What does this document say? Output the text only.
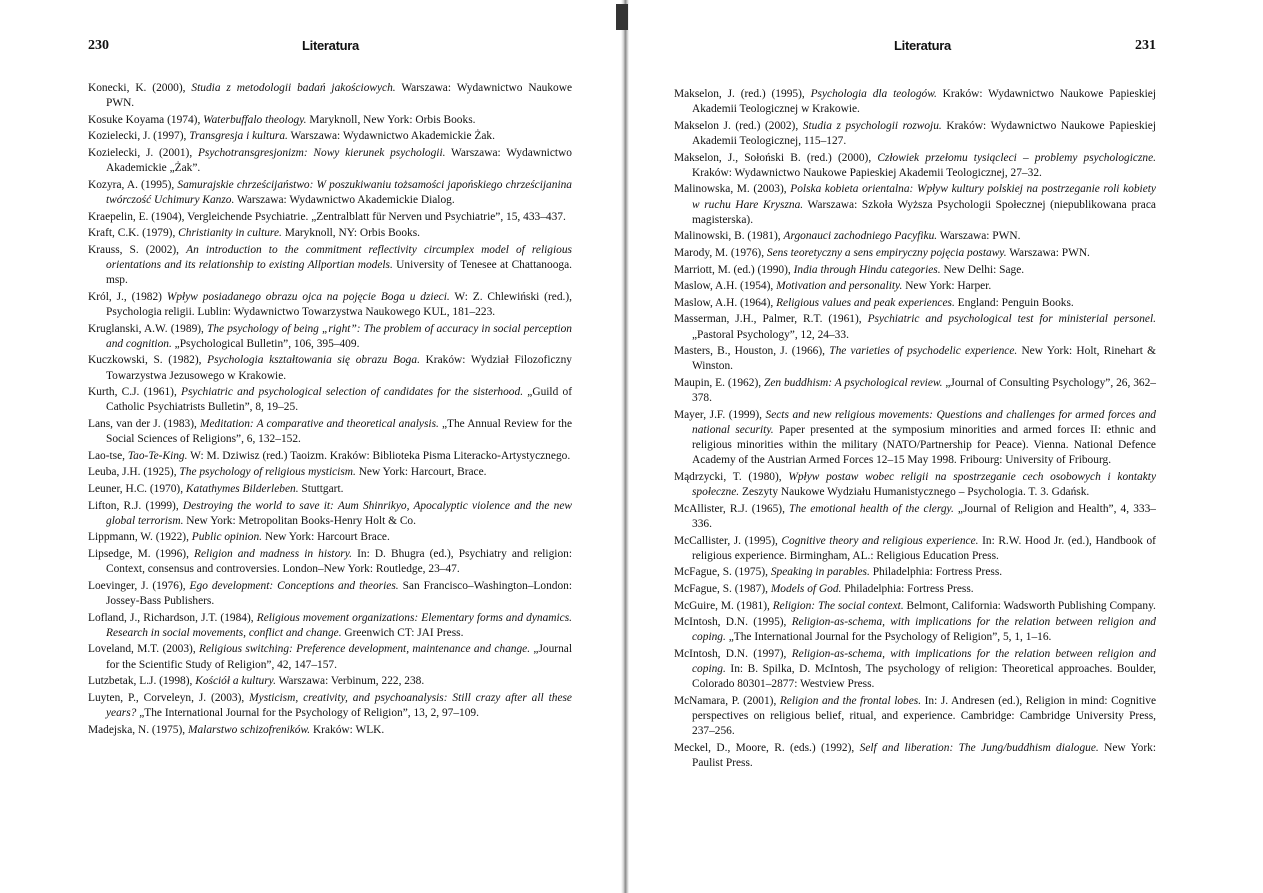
230	Literatura

Konecki, K. (2000), Studia z metodologii badań jakościowych. Warszawa: Wydawnictwo Naukowe PWN.

Kosuke Koyama (1974), Waterbuffalo theology. Maryknoll, New York: Orbis Books.

Kozielecki, J. (1997), Transgresja i kultura. Warszawa: Wydawnictwo Akademickie Żak.

Kozielecki, J. (2001), Psychotransgresjonizm: Nowy kierunek psychologii. Warszawa: Wydawnictwo Akademickie „Żak”.

Kozyra, A. (1995), Samurajskie chrześcijaństwo: W poszukiwaniu tożsamości japońskiego chrześcijanina twórczość Uchimury Kanzo. Warszawa: Wydawnictwo Akademickie Dialog.

Kraepelin, E. (1904), Vergleichende Psychiatrie. „Zentralblatt für Nerven und Psychiatrie”, 15, 433–437.

Kraft, C.K. (1979), Christianity in culture. Maryknoll, NY: Orbis Books.

Krauss, S. (2002), An introduction to the commitment reflectivity circumplex model of religious orientations and its relationship to existing Allportian models. University of Tenesee at Chattanooga. msp.

Król, J., (1982) Wpływ posiadanego obrazu ojca na pojęcie Boga u dzieci. W: Z. Chlewiński (red.), Psychologia religii. Lublin: Wydawnictwo Towarzystwa Naukowego KUL, 181–223.

Kruglanski, A.W. (1989), The psychology of being „right”: The problem of accuracy in social perception and cognition. „Psychological Bulletin”, 106, 395–409.

Kuczkowski, S. (1982), Psychologia kształtowania się obrazu Boga. Kraków: Wydział Filozoficzny Towarzystwa Jezusowego w Krakowie.

Kurth, C.J. (1961), Psychiatric and psychological selection of candidates for the sisterhood. „Guild of Catholic Psychiatrists Bulletin”, 8, 19–25.

Lans, van der J. (1983), Meditation: A comparative and theoretical analysis. „The Annual Review for the Social Sciences of Religions”, 6, 132–152.

Lao-tse, Tao-Te-King. W: M. Dziwisz (red.) Taoizm. Kraków: Biblioteka Pisma Literacko-Artystycznego.

Leuba, J.H. (1925), The psychology of religious mysticism. New York: Harcourt, Brace.

Leuner, H.C. (1970), Katathymes Bilderleben. Stuttgart.

Lifton, R.J. (1999), Destroying the world to save it: Aum Shinrikyo, Apocalyptic violence and the new global terrorism. New York: Metropolitan Books-Henry Holt & Co.

Lippmann, W. (1922), Public opinion. New York: Harcourt Brace.

Lipsedge, M. (1996), Religion and madness in history. In: D. Bhugra (ed.), Psychiatry and religion: Context, consensus and controversies. London–New York: Routledge, 23–47.

Loevinger, J. (1976), Ego development: Conceptions and theories. San Francisco–Washington–London: Jossey-Bass Publishers.

Lofland, J., Richardson, J.T. (1984), Religious movement organizations: Elementary forms and dynamics. Research in social movements, conflict and change. Greenwich CT: JAI Press.

Loveland, M.T. (2003), Religious switching: Preference development, maintenance and change. „Journal for the Scientific Study of Religion”, 42, 147–157.

Lutzbetak, L.J. (1998), Kościół a kultury. Warszawa: Verbinum, 222, 238.

Luyten, P., Corveleyn, J. (2003), Mysticism, creativity, and psychoanalysis: Still crazy after all these years? „The International Journal for the Psychology of Religion”, 13, 2, 97–109.

Madejska, N. (1975), Malarstwo schizofreników. Kraków: WLK.

Literatura	231

Makselon, J. (red.) (1995), Psychologia dla teologów. Kraków: Wydawnictwo Naukowe Papieskiej Akademii Teologicznej w Krakowie.

Makselon J. (red.) (2002), Studia z psychologii rozwoju. Kraków: Wydawnictwo Naukowe Papieskiej Akademii Teologicznej, 115–127.

Makselon, J., Sołoński B. (red.) (2000), Człowiek przełomu tysiącleci – problemy psychologiczne. Kraków: Wydawnictwo Naukowe Papieskiej Akademii Teologicznej, 27–32.

Malinowska, M. (2003), Polska kobieta orientalna: Wpływ kultury polskiej na postrzeganie roli kobiety w ruchu Hare Kryszna. Warszawa: Szkoła Wyższa Psychologii Społecznej (niepublikowana praca magisterska).

Malinowski, B. (1981), Argonauci zachodniego Pacyfiku. Warszawa: PWN.

Marody, M. (1976), Sens teoretyczny a sens empiryczny pojęcia postawy. Warszawa: PWN.

Marriott, M. (ed.) (1990), India through Hindu categories. New Delhi: Sage.

Maslow, A.H. (1954), Motivation and personality. New York: Harper.

Maslow, A.H. (1964), Religious values and peak experiences. England: Penguin Books.

Masserman, J.H., Palmer, R.T. (1961), Psychiatric and psychological test for ministerial personel. „Pastoral Psychology”, 12, 24–33.

Masters, B., Houston, J. (1966), The varieties of psychodelic experience. New York: Holt, Rinehart & Winston.

Maupin, E. (1962), Zen buddhism: A psychological review. „Journal of Consulting Psychology”, 26, 362–378.

Mayer, J.F. (1999), Sects and new religious movements: Questions and challenges for armed forces and national security. Paper presented at the symposium minorities and armed forces II: ethnic and religious minorities within the military (NATO/Partnership for Peace). Vienna. National Defence Academy of the Austrian Armed Forces 12–15 May 1998. Fribourg: University of Fribourg.

Mądrzycki, T. (1980), Wpływ postaw wobec religii na spostrzeganie cech osobowych i kontakty społeczne. Zeszyty Naukowe Wydziału Humanistycznego – Psychologia. T. 3. Gdańsk.

McAllister, R.J. (1965), The emotional health of the clergy. „Journal of Religion and Health”, 4, 333–336.

McCallister, J. (1995), Cognitive theory and religious experience. In: R.W. Hood Jr. (ed.), Handbook of religious experience. Birmingham, AL.: Religious Education Press.

McFague, S. (1975), Speaking in parables. Philadelphia: Fortress Press.

McFague, S. (1987), Models of God. Philadelphia: Fortress Press.

McGuire, M. (1981), Religion: The social context. Belmont, California: Wadsworth Publishing Company.

McIntosh, D.N. (1995), Religion-as-schema, with implications for the relation between religion and coping. „The International Journal for the Psychology of Religion”, 5, 1, 1–16.

McIntosh, D.N. (1997), Religion-as-schema, with implications for the relation between religion and coping. In: B. Spilka, D. McIntosh, The psychology of religion: Theoretical approaches. Boulder, Colorado 80301–2877: Westview Press.

McNamara, P. (2001), Religion and the frontal lobes. In: J. Andresen (ed.), Religion in mind: Cognitive perspectives on religious belief, ritual, and experience. Cambridge: Cambridge University Press, 237–256.

Meckel, D., Moore, R. (eds.) (1992), Self and liberation: The Jung/buddhism dialogue. New York: Paulist Press.
